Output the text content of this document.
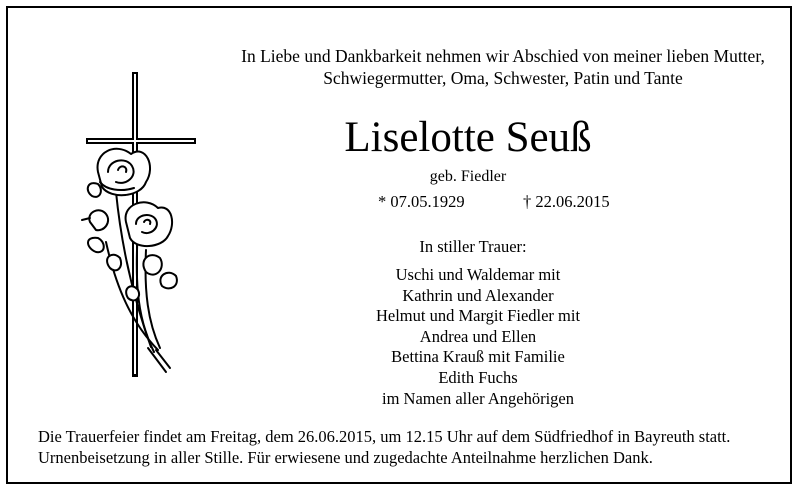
In Liebe und Dankbarkeit nehmen wir Abschied von meiner lieben Mutter,
Schwiegermutter, Oma, Schwester, Patin und Tante
Liselotte Seuß
geb. Fiedler
* 07.05.1929	† 22.06.2015
In stiller Trauer:
Uschi und Waldemar mit
Kathrin und Alexander
Helmut und Margit Fiedler mit
Andrea und Ellen
Bettina Krauß mit Familie
Edith Fuchs
im Namen aller Angehörigen
Die Trauerfeier findet am Freitag, dem 26.06.2015, um 12.15 Uhr auf dem Südfriedhof in Bayreuth statt.
Urnenbeisetzung in aller Stille. Für erwiesene und zugedachte Anteilnahme herzlichen Dank.
